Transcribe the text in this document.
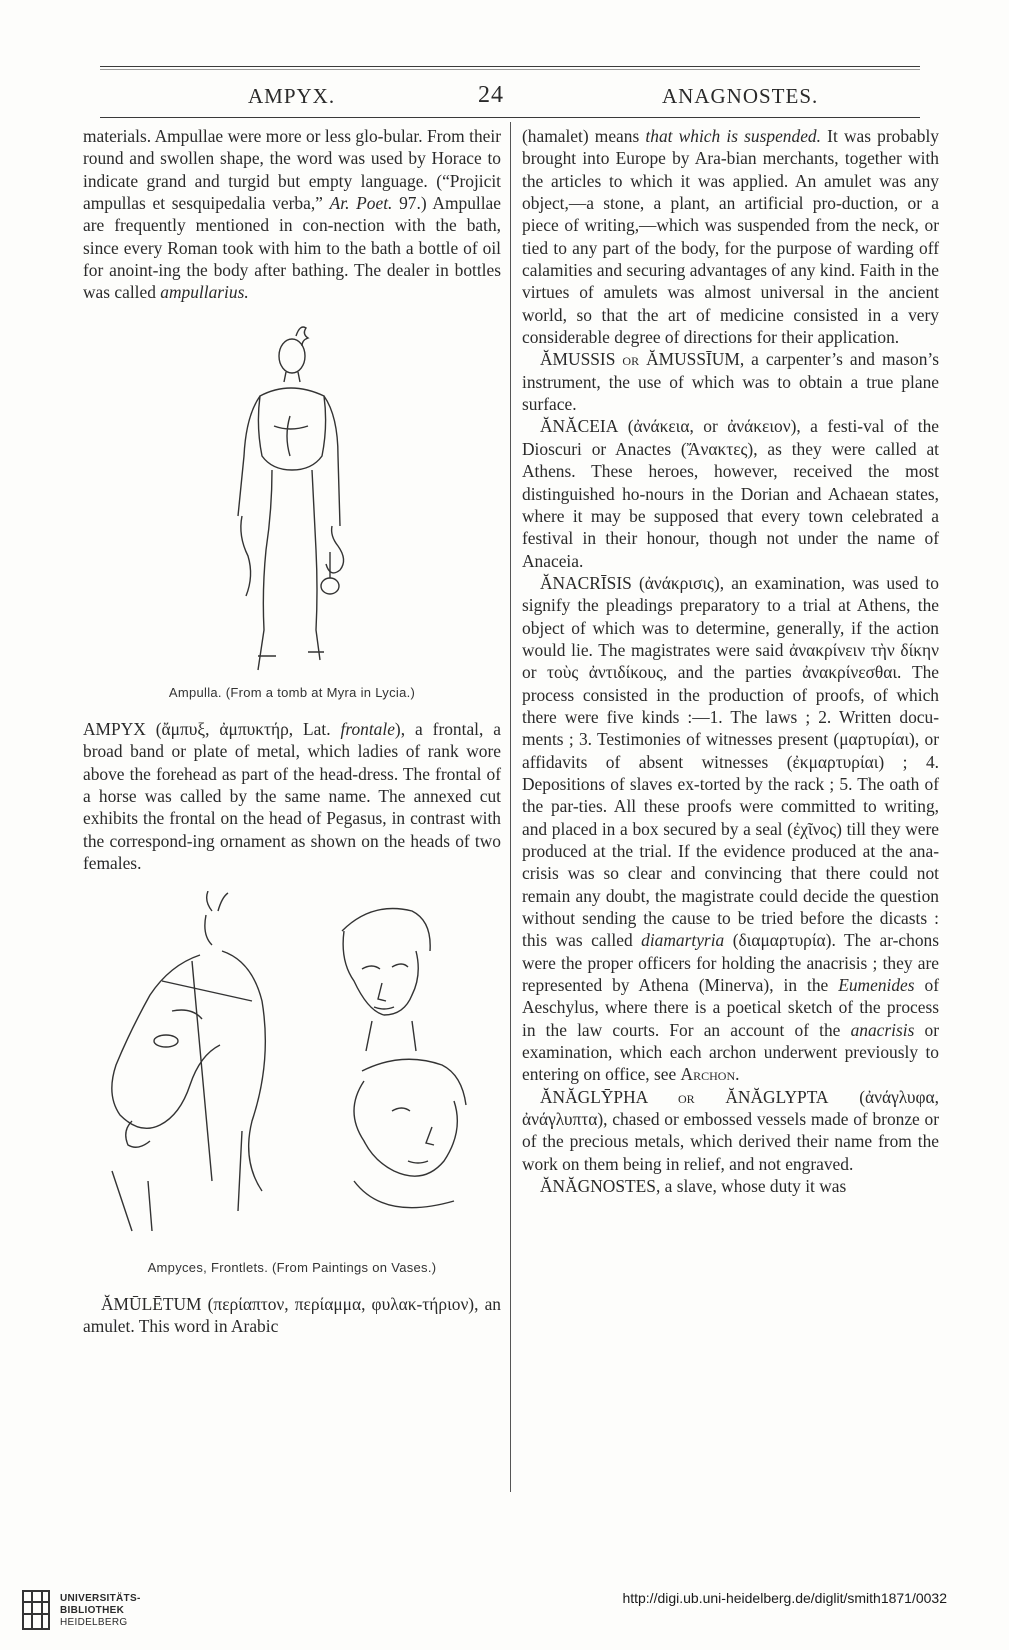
AMPYX.	24	ANAGNOSTES.

materials. Ampullae were more or less glo-bular. From their round and swollen shape, the word was used by Horace to indicate grand and turgid but empty language. (“Projicit ampullas et sesquipedalia verba,” Ar. Poet. 97.) Ampullae are frequently mentioned in con-nection with the bath, since every Roman took with him to the bath a bottle of oil for anoint-ing the body after bathing. The dealer in bottles was called ampullarius.

Ampulla. (From a tomb at Myra in Lycia.)

AMPYX (ἄμπυξ, ἀμπυκτήρ, Lat. frontale), a frontal, a broad band or plate of metal, which ladies of rank wore above the forehead as part of the head-dress. The frontal of a horse was called by the same name. The annexed cut exhibits the frontal on the head of Pegasus, in contrast with the correspond-ing ornament as shown on the heads of two females.

Ampyces, Frontlets. (From Paintings on Vases.)

ĂMŪLĒTUM (περίαπτον, περίαμμα, φυλακ-τήριον), an amulet. This word in Arabic

(hamalet) means that which is suspended. It was probably brought into Europe by Ara-bian merchants, together with the articles to which it was applied. An amulet was any object,—a stone, a plant, an artificial pro-duction, or a piece of writing,—which was suspended from the neck, or tied to any part of the body, for the purpose of warding off calamities and securing advantages of any kind. Faith in the virtues of amulets was almost universal in the ancient world, so that the art of medicine consisted in a very considerable degree of directions for their application.

ĂMUSSIS or ĂMUSSĪUM, a carpenter’s and mason’s instrument, the use of which was to obtain a true plane surface.

ĂNĂCEIA (ἀνάκεια, or ἀνάκειον), a festi-val of the Dioscuri or Anactes (Ἄνακτες), as they were called at Athens. These heroes, however, received the most distinguished ho-nours in the Dorian and Achaean states, where it may be supposed that every town celebrated a festival in their honour, though not under the name of Anaceia.

ĂNACRĪSIS (ἀνάκρισις), an examination, was used to signify the pleadings preparatory to a trial at Athens, the object of which was to determine, generally, if the action would lie. The magistrates were said ἀνακρίνειν τὴν δίκην or τοὺς ἀντιδίκους, and the parties ἀνακρίνεσθαι. The process consisted in the production of proofs, of which there were five kinds :—1. The laws ; 2. Written docu-ments ; 3. Testimonies of witnesses present (μαρτυρίαι), or affidavits of absent witnesses (ἐκμαρτυρίαι) ; 4. Depositions of slaves ex-torted by the rack ; 5. The oath of the par-ties. All these proofs were committed to writing, and placed in a box secured by a seal (ἐχῖνος) till they were produced at the trial. If the evidence produced at the ana-crisis was so clear and convincing that there could not remain any doubt, the magistrate could decide the question without sending the cause to be tried before the dicasts : this was called diamartyria (διαμαρτυρία). The ar-chons were the proper officers for holding the anacrisis ; they are represented by Athena (Minerva), in the Eumenides of Aeschylus, where there is a poetical sketch of the process in the law courts. For an account of the anacrisis or examination, which each archon underwent previously to entering on office, see Archon.

ĂNĂGLȲPHA or ĂNĂGLYPTA (ἀνάγλυφα, ἀνάγλυπτα), chased or embossed vessels made of bronze or of the precious metals, which derived their name from the work on them being in relief, and not engraved.

ĂNĂGNOSTES, a slave, whose duty it was

UNIVERSITÄTS-
BIBLIOTHEK
HEIDELBERG
http://digi.ub.uni-heidelberg.de/diglit/smith1871/0032
